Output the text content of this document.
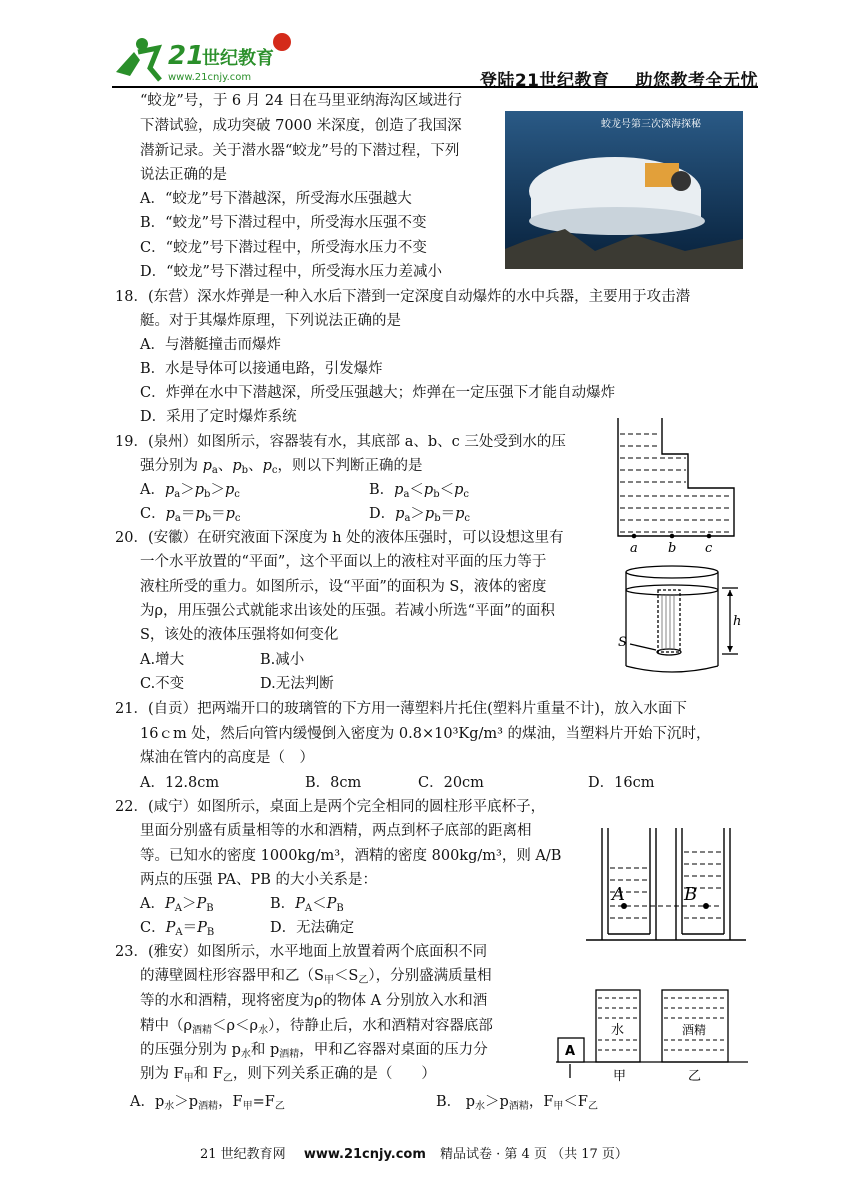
21
世纪教育
www.21cnjy.com	登陆21世纪教育 助您教考全无忧
“蛟龙”号，于 6 月 24 日在马里亚纳海沟区域进行
下潜试验，成功突破 7000 米深度，创造了我国深
潜新记录。关于潜水器“蛟龙”号的下潜过程，下列
说法正确的是
A．“蛟龙”号下潜越深，所受海水压强越大
B．“蛟龙”号下潜过程中，所受海水压强不变
C．“蛟龙”号下潜过程中，所受海水压力不变
D．“蛟龙”号下潜过程中，所受海水压力差减小
蛟龙号第三次深海探秘
18．(东营）深水炸弹是一种入水后下潜到一定深度自动爆炸的水中兵器，主要用于攻击潜
艇。对于其爆炸原理，下列说法正确的是
A．与潜艇撞击而爆炸
B．水是导体可以接通电路，引发爆炸
C．炸弹在水中下潜越深，所受压强越大；炸弹在一定压强下才能自动爆炸
D．采用了定时爆炸系统
19．(泉州）如图所示，容器装有水，其底部 a、b、c 三处受到水的压
强分别为 $p_a$、$p_b$、$p_c$，则以下判断正确的是
A．$p_a>p_b>p_c$	B．$p_a<p_b<p_c$
C．$p_a=p_b=p_c$	D．$p_a>p_b=p_c$
a b c
20．(安徽）在研究液面下深度为 h 处的液体压强时，可以设想这里有
一个水平放置的“平面”，这个平面以上的液柱对平面的压力等于
液柱所受的重力。如图所示，设“平面”的面积为 S，液体的密度
为ρ，用压强公式就能求出该处的压强。若减小所选“平面”的面积
S，该处的液体压强将如何变化
A.增大	B.减小
C.不变	D.无法判断
h
S
21．(自贡）把两端开口的玻璃管的下方用一薄塑料片托住(塑料片重量不计)，放入水面下
16ｃm 处，然后向管内缓慢倒入密度为 0.8×10³Kg/m³ 的煤油，当塑料片开始下沉时，
煤油在管内的高度是（　）
A．12.8cm	B．8cm	C．20cm	D．16cm
22．(咸宁）如图所示，桌面上是两个完全相同的圆柱形平底杯子，
里面分别盛有质量相等的水和酒精，两点到杯子底部的距离相
等。已知水的密度 1000kg/m³，酒精的密度 800kg/m³，则 A/B
两点的压强 PA、PB 的大小关系是：
A．$P_A>P_B$	B．$P_A<P_B$
C．$P_A=P_B$	D．无法确定
A	B
23．(雅安）如图所示，水平地面上放置着两个底面积不同
的薄壁圆柱形容器甲和乙$(S_甲<S_乙)$，分别盛满质量相
等的水和酒精，现将密度为ρ的物体 A 分别放入水和酒
精中$(\rho_{酒精}<\rho<\rho_水)$，待静止后，水和酒精对容器底部
的压强分别为 $p_水$和 $p_{酒精}$，甲和乙容器对桌面的压力分
别为 $F_甲$和 $F_乙$，则下列关系正确的是（　　）
A．$p_水>p_{酒精}$，$F_甲=F_乙$	B． $p_水>p_{酒精}$，$F_甲<F_乙$
A
水	酒精
甲	乙
21 世纪教育网 www.21cnjy.com 精品试卷 · 第 4 页 （共 17 页）
